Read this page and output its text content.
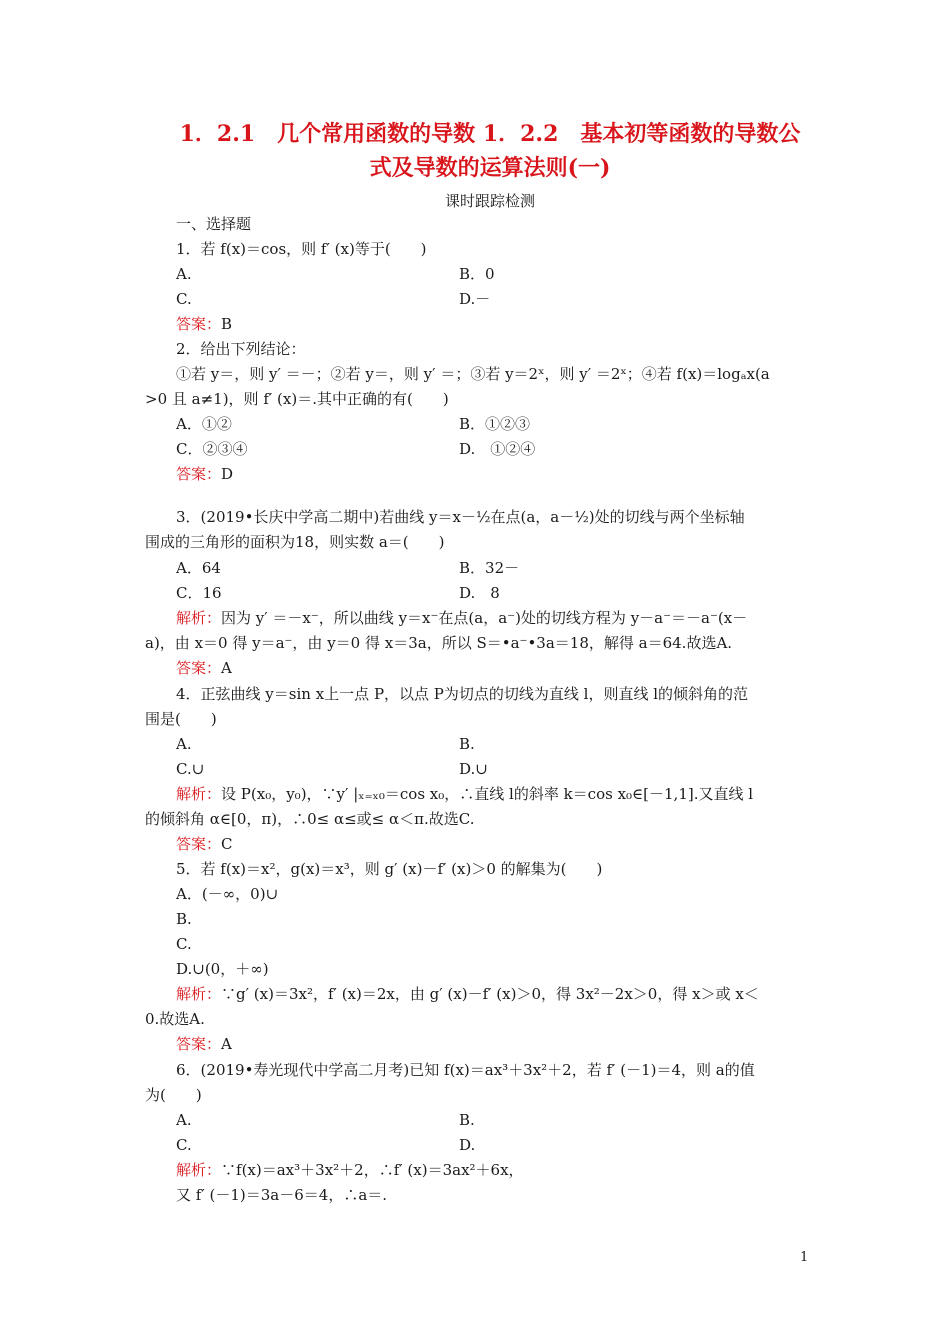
1．2.1　几个常用函数的导数 1．2.2　基本初等函数的导数公
式及导数的运算法则(一)
课时跟踪检测
一、选择题
1．若 f(x)＝cos，则 f′ (x)等于(　　)
A.	B．0
C.	D.－
答案：B
2．给出下列结论：
①若 y＝，则 y′ ＝－；②若 y＝，则 y′ ＝；③若 y＝2ˣ，则 y′ ＝2ˣ；④若 f(x)＝logₐx(a
>0 且 a≠1)，则 f′ (x)＝.其中正确的有(　　)
A．①②	B．①②③
C．②③④	D.　①②④
答案：D
3．(2019•长庆中学高二期中)若曲线 y＝x－½在点(a，a－½)处的切线与两个坐标轴
围成的三角形的面积为18，则实数 a＝(　　)
A．64	B．32－
C．16	D.　8
解析：因为 y′ ＝－x⁻，所以曲线 y＝x⁻在点(a，a⁻)处的切线方程为 y－a⁻＝－a⁻(x－
a)，由 x＝0 得 y＝a⁻，由 y＝0 得 x＝3a，所以 S＝•a⁻•3a＝18，解得 a＝64.故选A.
答案：A
4．正弦曲线 y＝sin x上一点 P，以点 P为切点的切线为直线 l，则直线 l的倾斜角的范
围是(　　)
A.	B.
C.∪	D.∪
解析：设 P(x₀，y₀)，∵y′ |ₓ₌ₓ₀＝cos x₀，∴直线 l的斜率 k＝cos x₀∈[－1,1].又直线 l
的倾斜角 α∈[0，π)，∴0≤ α≤或≤ α＜π.故选C.
答案：C
5．若 f(x)＝x²，g(x)＝x³，则 g′ (x)－f′ (x)＞0 的解集为(　　)
A．(－∞，0)∪
B.
C.
D.∪(0，＋∞)
解析：∵g′ (x)＝3x²，f′ (x)＝2x，由 g′ (x)－f′ (x)＞0，得 3x²－2x＞0，得 x＞或 x＜
0.故选A.
答案：A
6．(2019•寿光现代中学高二月考)已知 f(x)＝ax³＋3x²＋2，若 f′ (－1)＝4，则 a的值
为(　　)
A.	B.
C.	D.
解析：∵f(x)＝ax³＋3x²＋2，∴f′ (x)＝3ax²＋6x，
又 f′ (－1)＝3a－6＝4，∴a＝.
1
